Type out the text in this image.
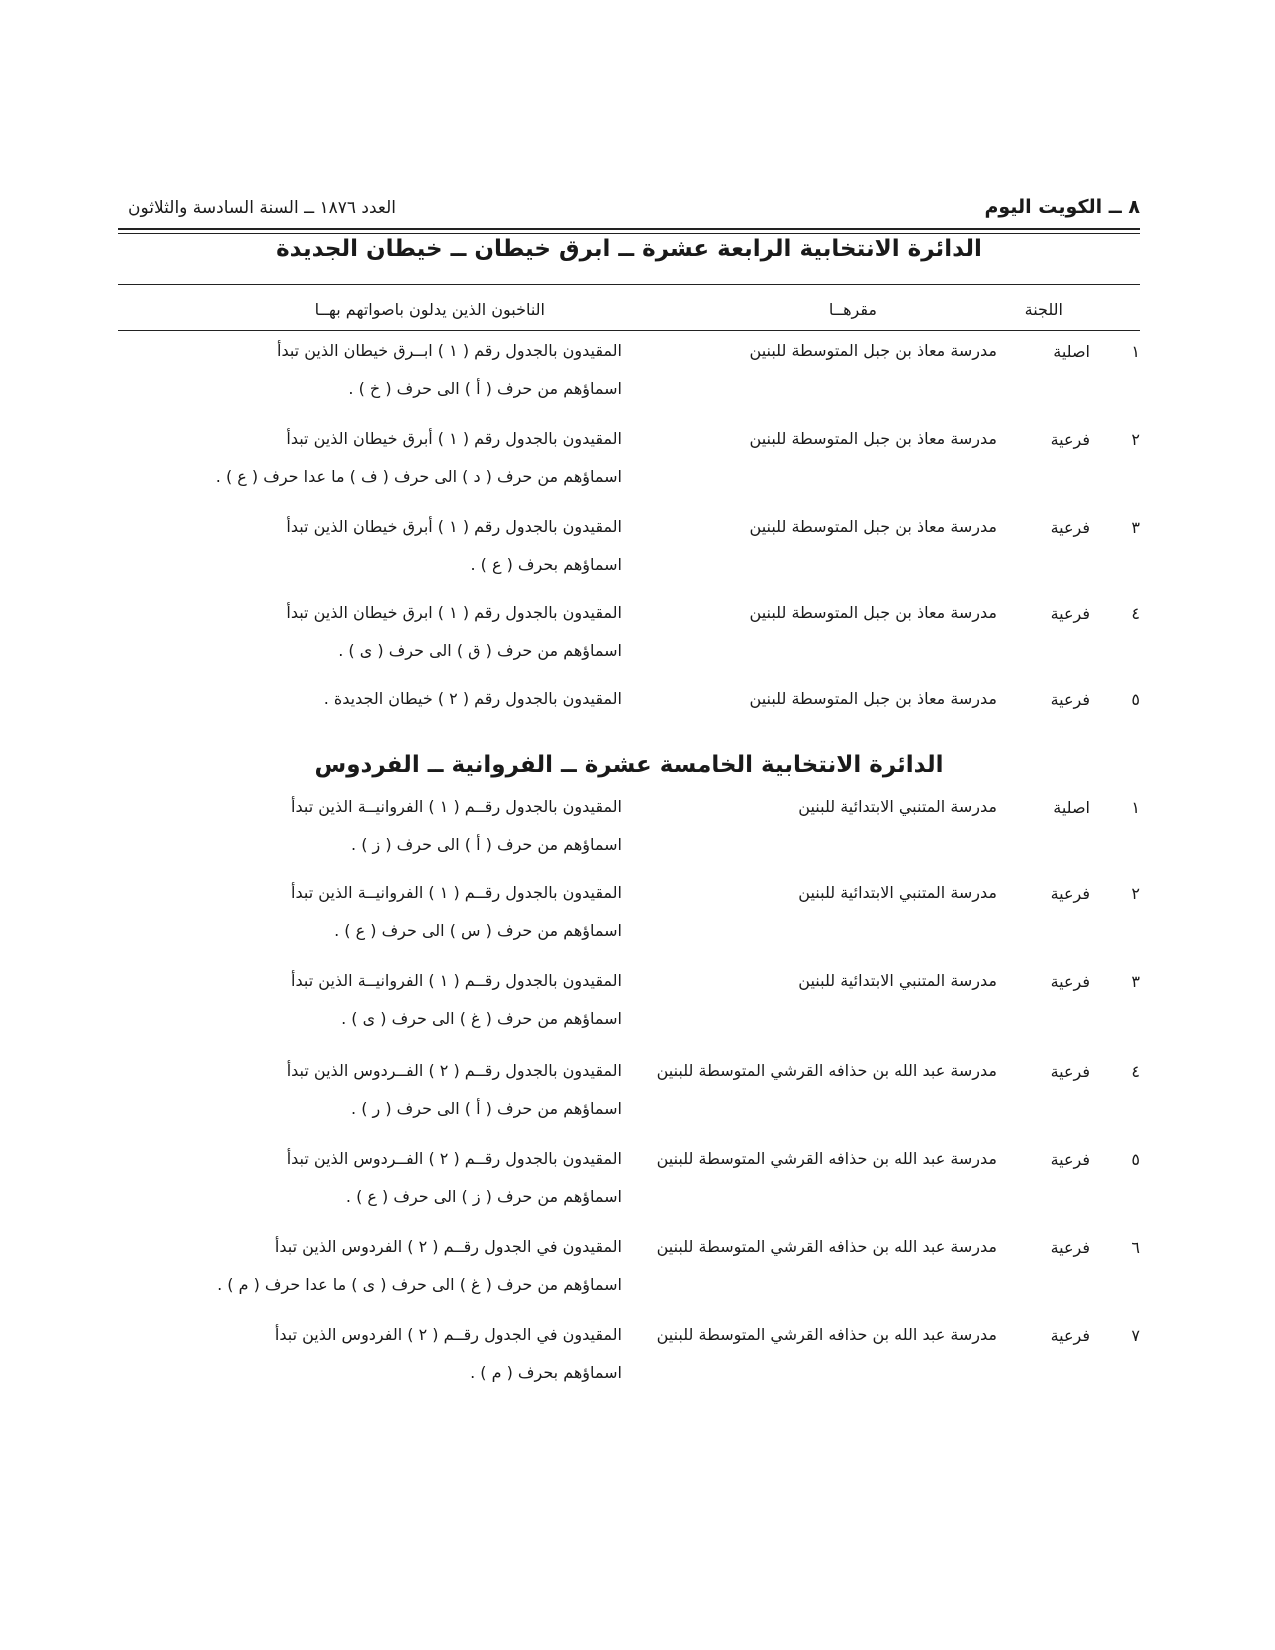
٨ ــ الكويت اليوم
العدد ١٨٧٦ ــ السنة السادسة والثلاثون
الدائرة الانتخابية الرابعة عشرة ــ ابرق خيطان ــ خيطان الجديدة
اللجنة
مقرهــا
الناخبون الذين يدلون باصواتهم بهــا
١
اصلية
مدرسة معاذ بن جبل المتوسطة للبنين
المقيدون بالجدول رقم ( ١ ) ابــرق خيطان الذين تبدأ
اسماؤهم من حرف ( أ ) الى حرف ( خ ) .
٢
فرعية
مدرسة معاذ بن جبل المتوسطة للبنين
المقيدون بالجدول رقم ( ١ ) أبرق خيطان الذين تبدأ
اسماؤهم من حرف ( د ) الى حرف ( ف ) ما عدا حرف ( ع ) .
٣
فرعية
مدرسة معاذ بن جبل المتوسطة للبنين
المقيدون بالجدول رقم ( ١ ) أبرق خيطان الذين تبدأ
اسماؤهم بحرف ( ع ) .
٤
فرعية
مدرسة معاذ بن جبل المتوسطة للبنين
المقيدون بالجدول رقم ( ١ ) ابرق خيطان الذين تبدأ
اسماؤهم من حرف ( ق ) الى حرف ( ى ) .
٥
فرعية
مدرسة معاذ بن جبل المتوسطة للبنين
المقيدون بالجدول رقم ( ٢ ) خيطان الجديدة .
الدائرة الانتخابية الخامسة عشرة ــ الفروانية ــ الفردوس
١
اصلية
مدرسة المتنبي الابتدائية للبنين
المقيدون بالجدول رقــم ( ١ ) الفروانيــة الذين تبدأ
اسماؤهم من حرف ( أ ) الى حرف ( ز ) .
٢
فرعية
مدرسة المتنبي الابتدائية للبنين
المقيدون بالجدول رقــم ( ١ ) الفروانيــة الذين تبدأ
اسماؤهم من حرف ( س ) الى حرف ( ع ) .
٣
فرعية
مدرسة المتنبي الابتدائية للبنين
المقيدون بالجدول رقــم ( ١ ) الفروانيــة الذين تبدأ
اسماؤهم من حرف ( غ ) الى حرف ( ى ) .
٤
فرعية
مدرسة عبد الله بن حذافه القرشي المتوسطة للبنين
المقيدون بالجدول رقــم ( ٢ ) الفــردوس الذين تبدأ
اسماؤهم من حرف ( أ ) الى حرف ( ر ) .
٥
فرعية
مدرسة عبد الله بن حذافه القرشي المتوسطة للبنين
المقيدون بالجدول رقــم ( ٢ ) الفــردوس الذين تبدأ
اسماؤهم من حرف ( ز ) الى حرف ( ع ) .
٦
فرعية
مدرسة عبد الله بن حذافه القرشي المتوسطة للبنين
المقيدون في الجدول رقــم ( ٢ ) الفردوس الذين تبدأ
اسماؤهم من حرف ( غ ) الى حرف ( ى ) ما عدا حرف ( م ) .
٧
فرعية
مدرسة عبد الله بن حذافه القرشي المتوسطة للبنين
المقيدون في الجدول رقــم ( ٢ ) الفردوس الذين تبدأ
اسماؤهم بحرف ( م ) .
